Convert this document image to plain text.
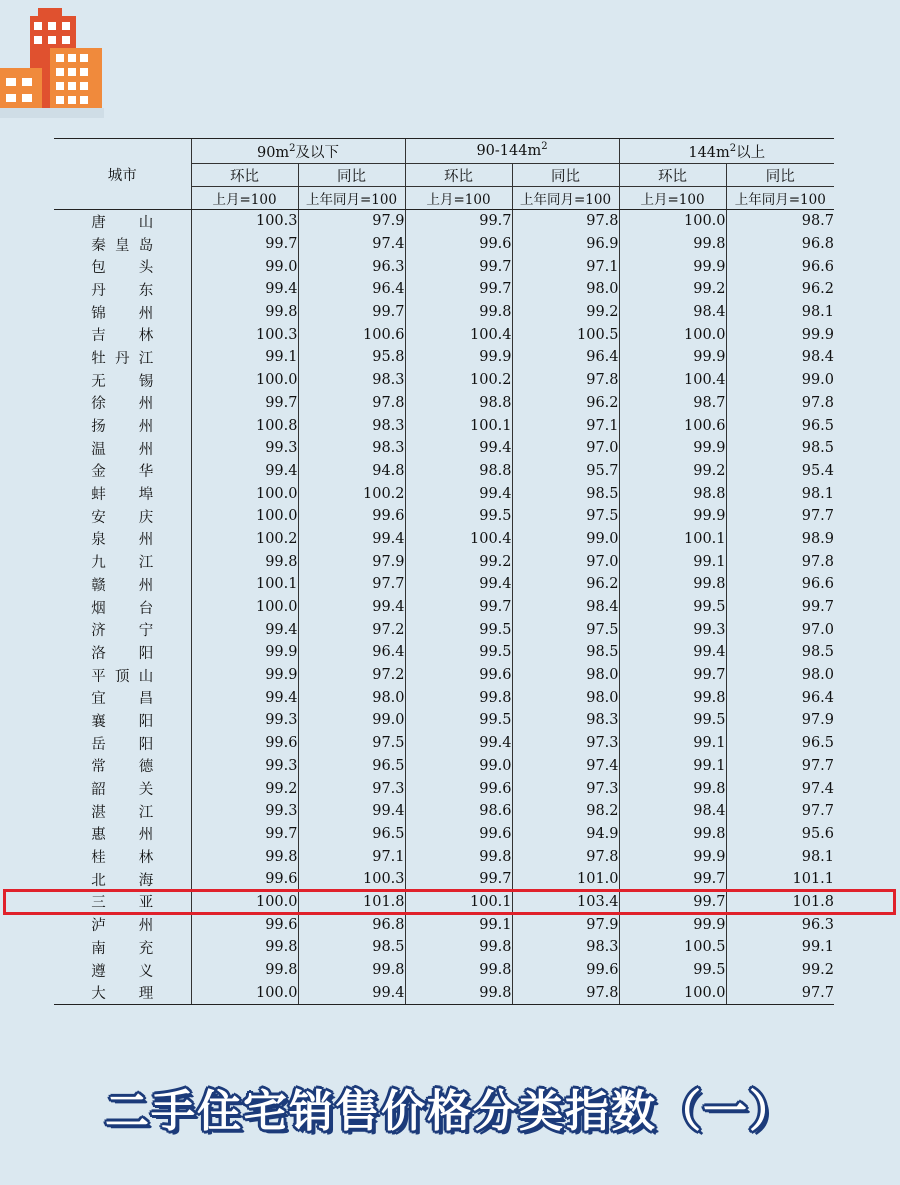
城市	$90m^2$及以下		$90-144m^2$		$144m^2$以上	
	环比	同比	环比	同比	环比	同比
	上月=100	上年同月=100	上月=100	上年同月=100	上月=100	上年同月=100
唐山	100.3	97.9	99.7	97.8	100.0	98.7
秦皇岛	99.7	97.4	99.6	96.9	99.8	96.8
包头	99.0	96.3	99.7	97.1	99.9	96.6
丹东	99.4	96.4	99.7	98.0	99.2	96.2
锦州	99.8	99.7	99.8	99.2	98.4	98.1
吉林	100.3	100.6	100.4	100.5	100.0	99.9
牡丹江	99.1	95.8	99.9	96.4	99.9	98.4
无锡	100.0	98.3	100.2	97.8	100.4	99.0
徐州	99.7	97.8	98.8	96.2	98.7	97.8
扬州	100.8	98.3	100.1	97.1	100.6	96.5
温州	99.3	98.3	99.4	97.0	99.9	98.5
金华	99.4	94.8	98.8	95.7	99.2	95.4
蚌埠	100.0	100.2	99.4	98.5	98.8	98.1
安庆	100.0	99.6	99.5	97.5	99.9	97.7
泉州	100.2	99.4	100.4	99.0	100.1	98.9
九江	99.8	97.9	99.2	97.0	99.1	97.8
赣州	100.1	97.7	99.4	96.2	99.8	96.6
烟台	100.0	99.4	99.7	98.4	99.5	99.7
济宁	99.4	97.2	99.5	97.5	99.3	97.0
洛阳	99.9	96.4	99.5	98.5	99.4	98.5
平顶山	99.9	97.2	99.6	98.0	99.7	98.0
宜昌	99.4	98.0	99.8	98.0	99.8	96.4
襄阳	99.3	99.0	99.5	98.3	99.5	97.9
岳阳	99.6	97.5	99.4	97.3	99.1	96.5
常德	99.3	96.5	99.0	97.4	99.1	97.7
韶关	99.2	97.3	99.6	97.3	99.8	97.4
湛江	99.3	99.4	98.6	98.2	98.4	97.7
惠州	99.7	96.5	99.6	94.9	99.8	95.6
桂林	99.8	97.1	99.8	97.8	99.9	98.1
北海	99.6	100.3	99.7	101.0	99.7	101.1
三亚	100.0	101.8	100.1	103.4	99.7	101.8
泸州	99.6	96.8	99.1	97.9	99.9	96.3
南充	99.8	98.5	99.8	98.3	100.5	99.1
遵义	99.8	99.8	99.8	99.6	99.5	99.2
大理	100.0	99.4	99.8	97.8	100.0	97.7
二手住宅销售价格分类指数（一）
